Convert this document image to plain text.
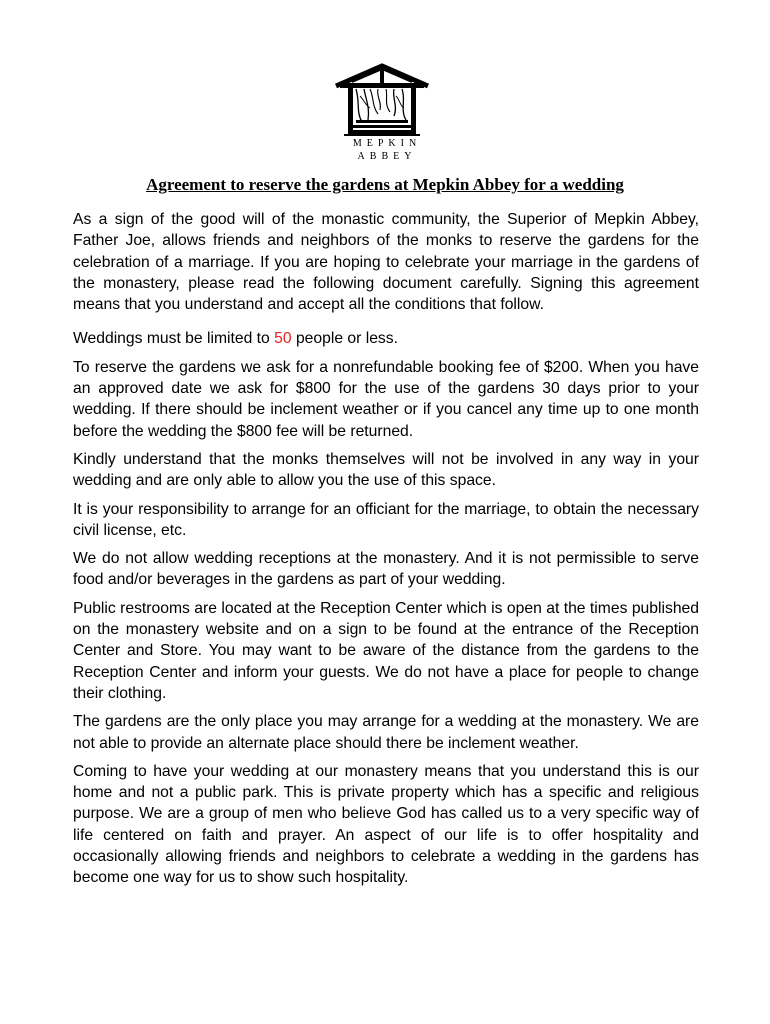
MEPKIN
ABBEY
Agreement to reserve the gardens at Mepkin Abbey for a wedding

As a sign of the good will of the monastic community, the Superior of Mepkin Abbey, Father Joe, allows friends and neighbors of the monks to reserve the gardens for the celebration of a marriage. If you are hoping to celebrate your marriage in the gardens of the monastery, please read the following document carefully. Signing this agreement means that you understand and accept all the conditions that follow.

Weddings must be limited to 50 people or less.

To reserve the gardens we ask for a nonrefundable booking fee of $200. When you have an approved date we ask for $800 for the use of the gardens 30 days prior to your wedding. If there should be inclement weather or if you cancel any time up to one month before the wedding the $800 fee will be returned.

Kindly understand that the monks themselves will not be involved in any way in your wedding and are only able to allow you the use of this space.

It is your responsibility to arrange for an officiant for the marriage, to obtain the necessary civil license, etc.

We do not allow wedding receptions at the monastery. And it is not permissible to serve food and/or beverages in the gardens as part of your wedding.

Public restrooms are located at the Reception Center which is open at the times published on the monastery website and on a sign to be found at the entrance of the Reception Center and Store. You may want to be aware of the distance from the gardens to the Reception Center and inform your guests. We do not have a place for people to change their clothing.

The gardens are the only place you may arrange for a wedding at the monastery. We are not able to provide an alternate place should there be inclement weather.

Coming to have your wedding at our monastery means that you understand this is our home and not a public park. This is private property which has a specific and religious purpose. We are a group of men who believe God has called us to a very specific way of life centered on faith and prayer. An aspect of our life is to offer hospitality and occasionally allowing friends and neighbors to celebrate a wedding in the gardens has become one way for us to show such hospitality.
